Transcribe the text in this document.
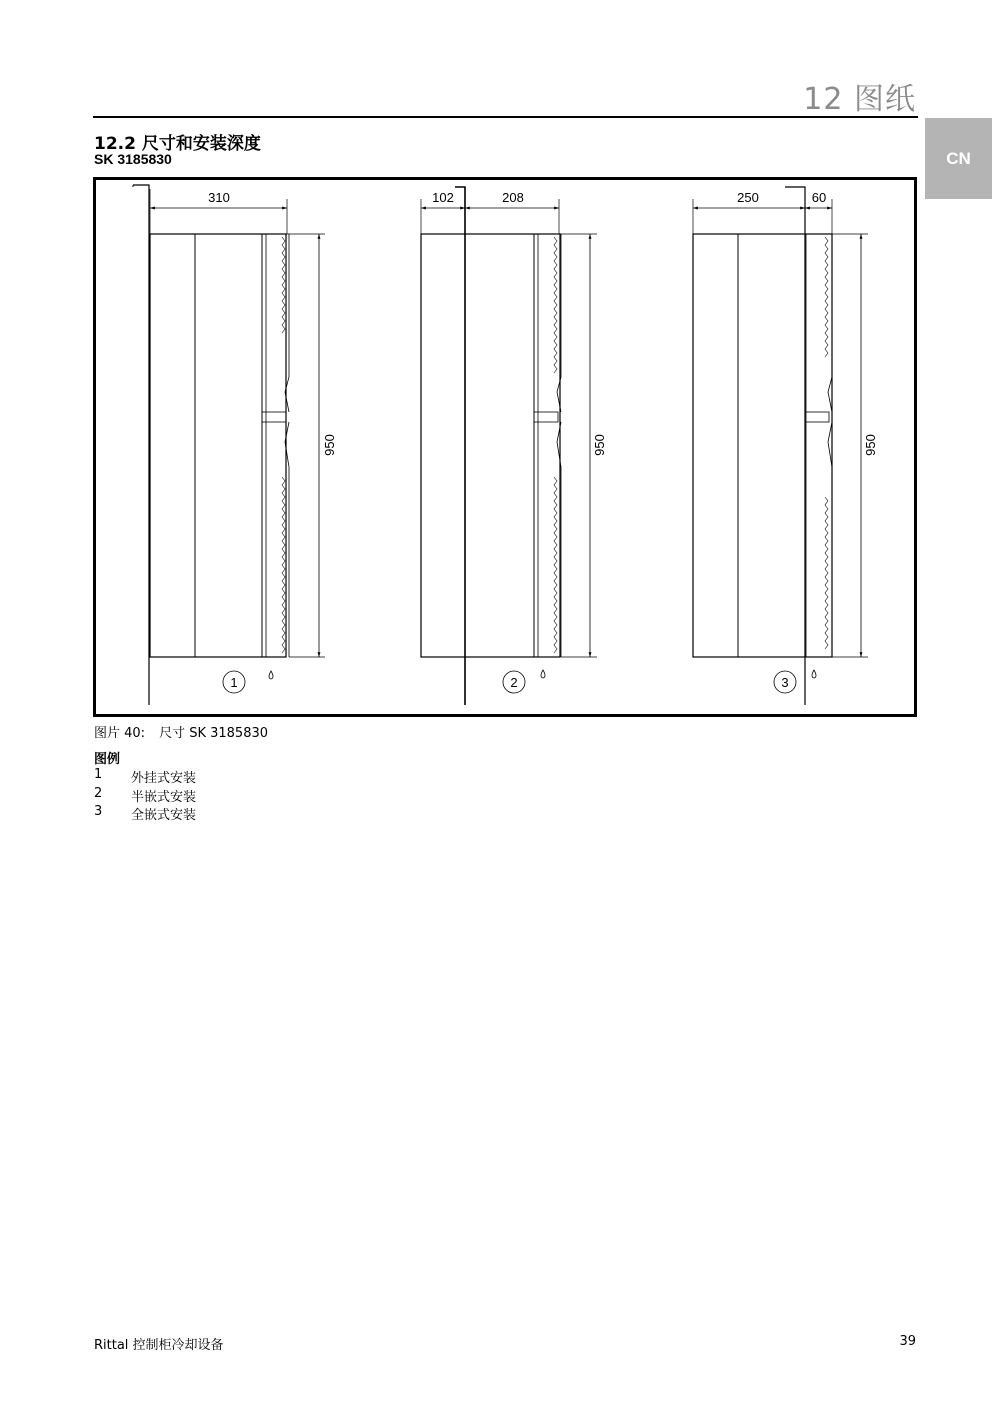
12 图纸
CN
12.2 尺寸和安装深度
SK 3185830
310
950
1
102	208
950
2
250	60
950
3
图片 40: 尺寸 SK 3185830
图例
1	外挂式安装
2	半嵌式安装
3	全嵌式安装
Rittal 控制柜冷却设备	39
